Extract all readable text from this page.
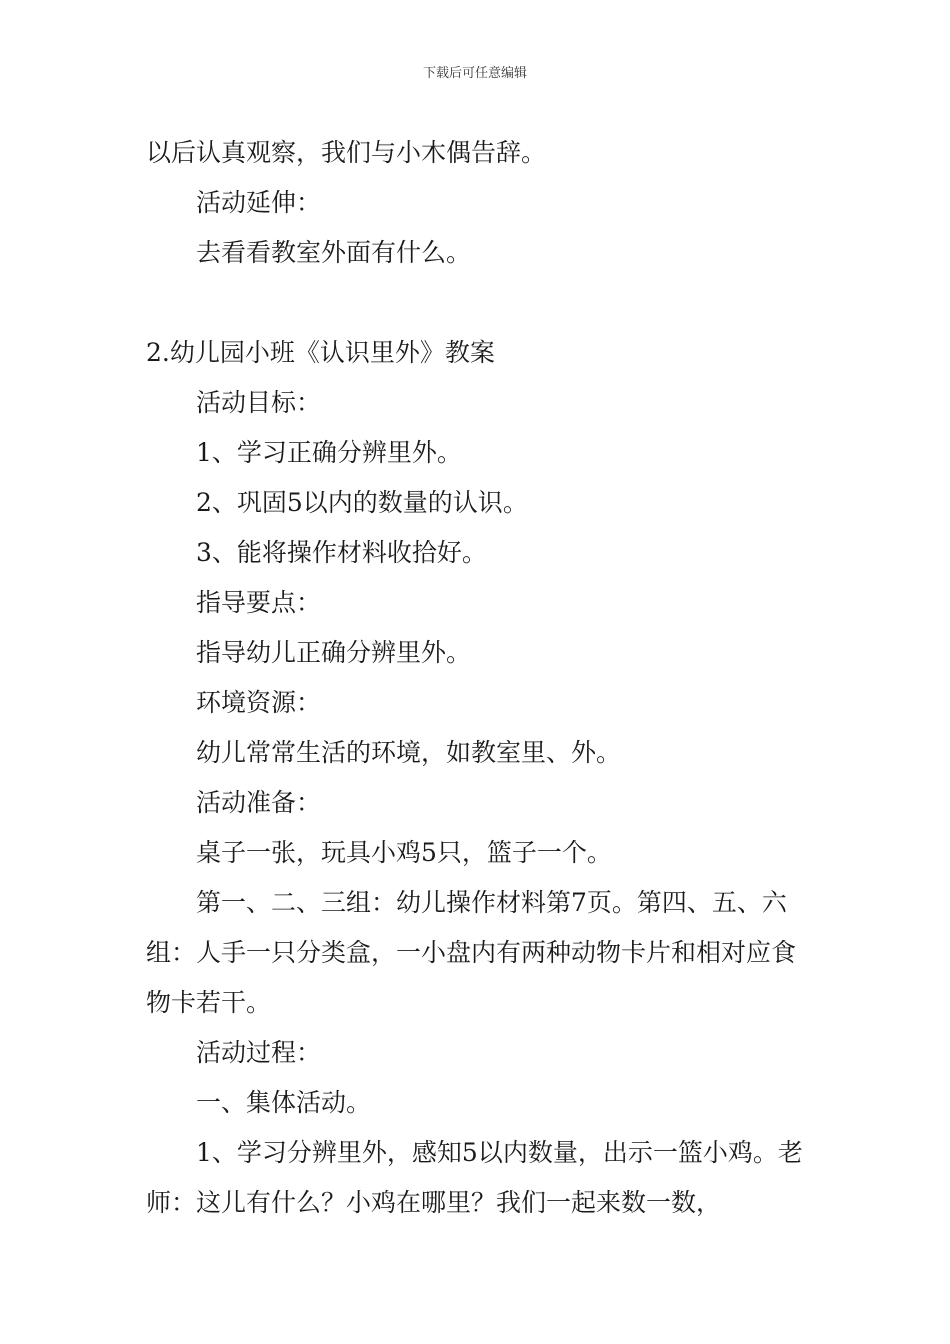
下载后可任意编辑

以后认真观察，我们与小木偶告辞。

活动延伸：

去看看教室外面有什么。

2.幼儿园小班《认识里外》教案

活动目标：

1、学习正确分辨里外。

2、巩固5以内的数量的认识。

3、能将操作材料收拾好。

指导要点：

指导幼儿正确分辨里外。

环境资源：

幼儿常常生活的环境，如教室里、外。

活动准备：

桌子一张，玩具小鸡5只，篮子一个。

第一、二、三组：幼儿操作材料第7页。第四、五、六组：人手一只分类盒，一小盘内有两种动物卡片和相对应食物卡若干。

活动过程：

一、集体活动。

1、学习分辨里外，感知5以内数量，出示一篮小鸡。老师：这儿有什么？小鸡在哪里？我们一起来数一数，
